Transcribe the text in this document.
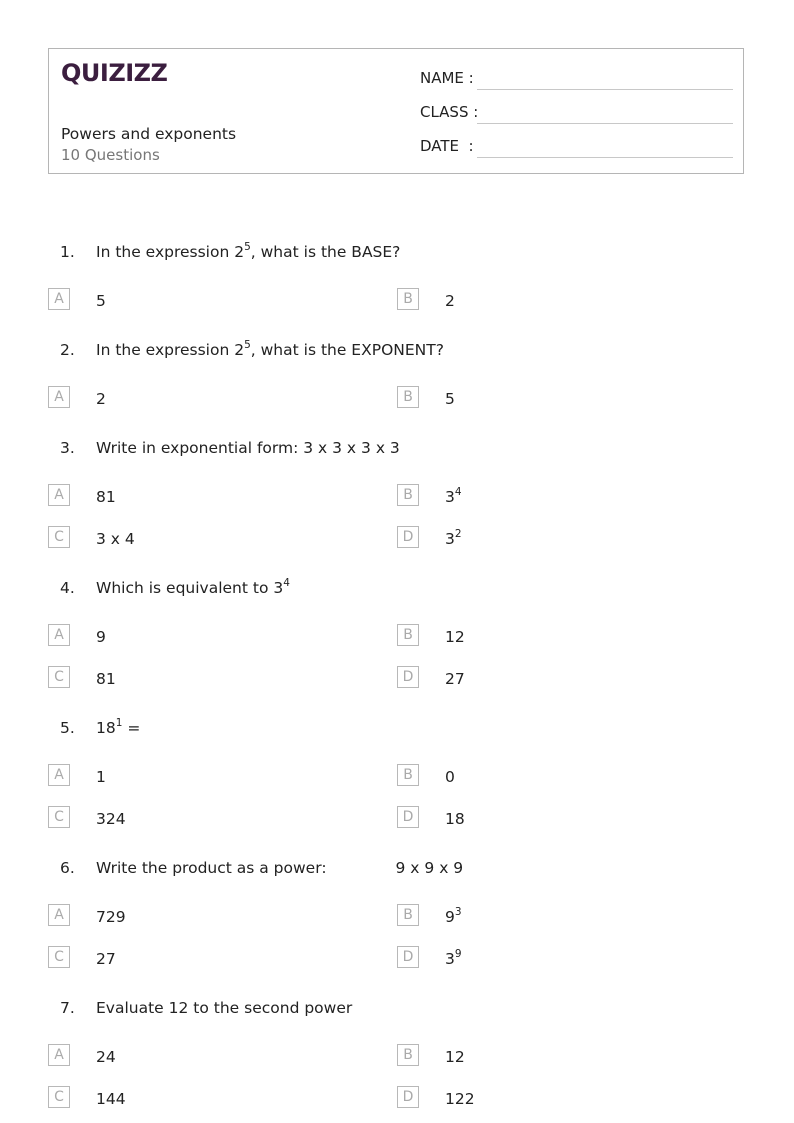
QUIZIZZ
Powers and exponents
10 Questions
NAME :
CLASS :
DATE  :
1. In the expression $2^5$, what is the BASE?
A	5	B	2
2. In the expression $2^5$, what is the EXPONENT?
A	2	B	5
3. Write in exponential form: 3 x 3 x 3 x 3
A	81	B	$3^4$
C	3 x 4	D	$3^2$
4. Which is equivalent to $3^4$
A	9	B	12
C	81	D	27
5. $18^1$ =
A	1	B	0
C	324	D	18
6. Write the product as a power:              9 x 9 x 9
A	729	B	$9^3$
C	27	D	$3^9$
7. Evaluate 12 to the second power
A	24	B	12
C	144	D	122
